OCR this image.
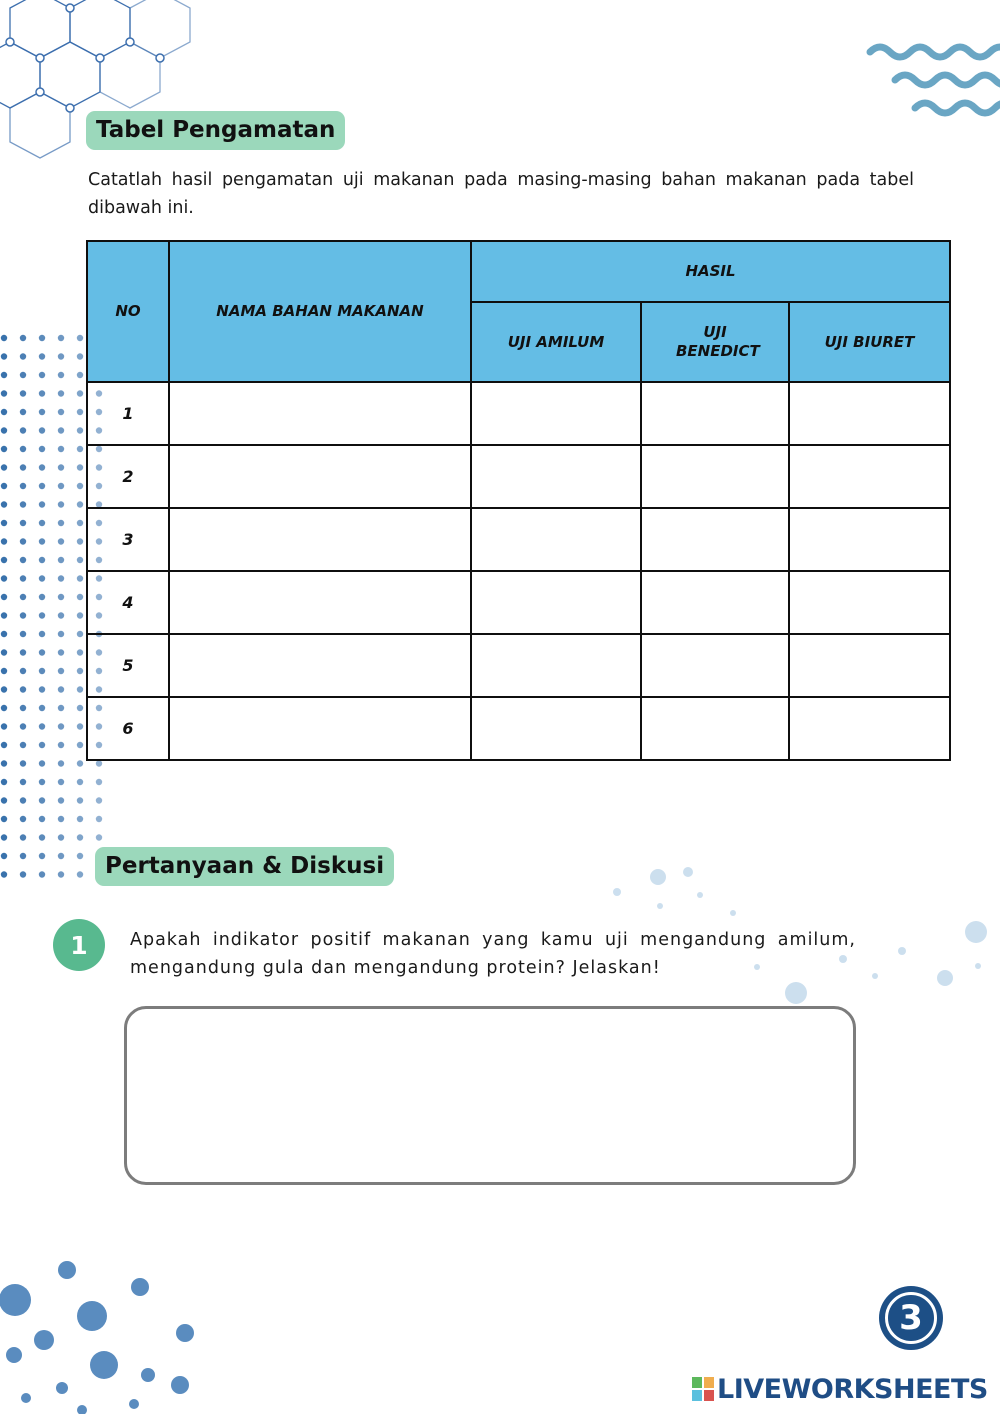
Tabel Pengamatan
Catatlah hasil pengamatan uji makanan pada masing-masing bahan makanan pada tabel dibawah ini.
NO	NAMA BAHAN MAKANAN	HASIL		
		UJI AMILUM	UJI BENEDICT	UJI BIURET
1				
2				
3				
4				
5				
6				
Pertanyaan & Diskusi
1	Apakah indikator positif makanan yang kamu uji mengandung amilum, mengandung gula dan mengandung protein? Jelaskan!
3
LIVEWORKSHEETS
